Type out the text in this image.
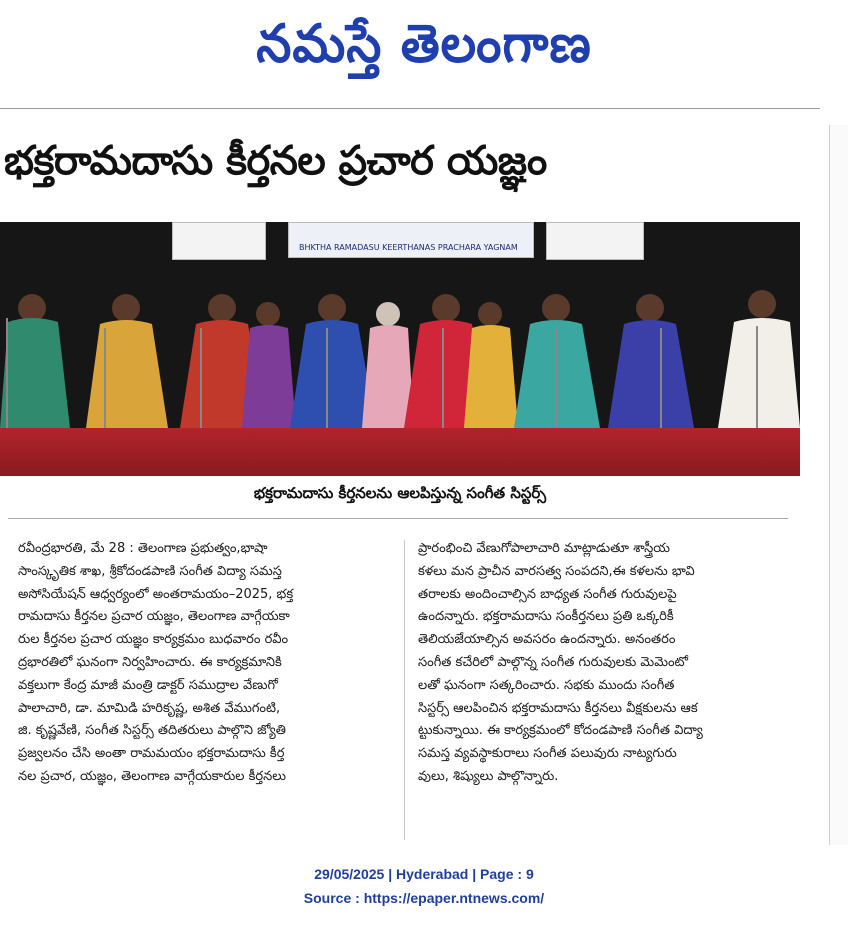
నమస్తే తెలంగాణ
భక్తరామదాసు కీర్తనల ప్రచార యజ్ఞం
BHKTHA RAMADASU KEERTHANAS PRACHARA YAGNAM
భక్తరామదాసు కీర్తనలను ఆలపిస్తున్న సంగీత సిస్టర్స్
రవీంద్రభారతి, మే 28 : తెలంగాణ ప్రభుత్వం,భాషా
సాంస్కృతిక శాఖ, శ్రీకోదండపాణి సంగీత విద్యా సమస్త
అసోసియేషన్ ఆధ్వర్యంలో అంతరామయం–2025, భక్త
రామదాసు కీర్తనల ప్రచార యజ్ఞం, తెలంగాణ వాగ్గేయకా
రుల కీర్తనల ప్రచార యజ్ఞం కార్యక్రమం బుధవారం రవీం
ద్రభారతిలో ఘనంగా నిర్వహించారు. ఈ కార్యక్రమానికి
వక్తలుగా కేంద్ర మాజీ మంత్రి డాక్టర్ సముద్రాల వేణుగో
పాలాచారి, డా. మామిడి హరికృష్ణ, అశిత వేముగంటి,
జి. కృష్ణవేణి, సంగీత సిస్టర్స్ తదితరులు పాల్గొని జ్యోతి
ప్రజ్వలనం చేసి అంతా రామమయం భక్తరామదాసు కీర్త
నల ప్రచార, యజ్ఞం, తెలంగాణ వాగ్గేయకారుల కీర్తనలు
ప్రారంభించి వేణుగోపాలాచారి మాట్లాడుతూ శాస్త్రీయ
కళలు మన ప్రాచీన వారసత్వ సంపదని,ఈ కళలను భావి
తరాలకు అందించాల్సిన బాధ్యత సంగీత గురువులపై
ఉందన్నారు. భక్తరామదాసు సంకీర్తనలు ప్రతి ఒక్కరికీ
తెలియజేయాల్సిన అవసరం ఉందన్నారు. అనంతరం
సంగీత కచేరిలో పాల్గొన్న సంగీత గురువులకు మెమెంటో
లతో ఘనంగా సత్కరించారు. సభకు ముందు సంగీత
సిస్టర్స్ ఆలపించిన భక్తరామదాసు కీర్తనలు వీక్షకులను ఆక
ట్టుకున్నాయి. ఈ కార్యక్రమంలో కోదండపాణి సంగీత విద్యా
సమస్త వ్యవస్థాకురాలు సంగీత పలువురు నాట్యగురు
వులు, శిష్యులు పాల్గొన్నారు.
29/05/2025 | Hyderabad | Page : 9
Source : https://epaper.ntnews.com/
